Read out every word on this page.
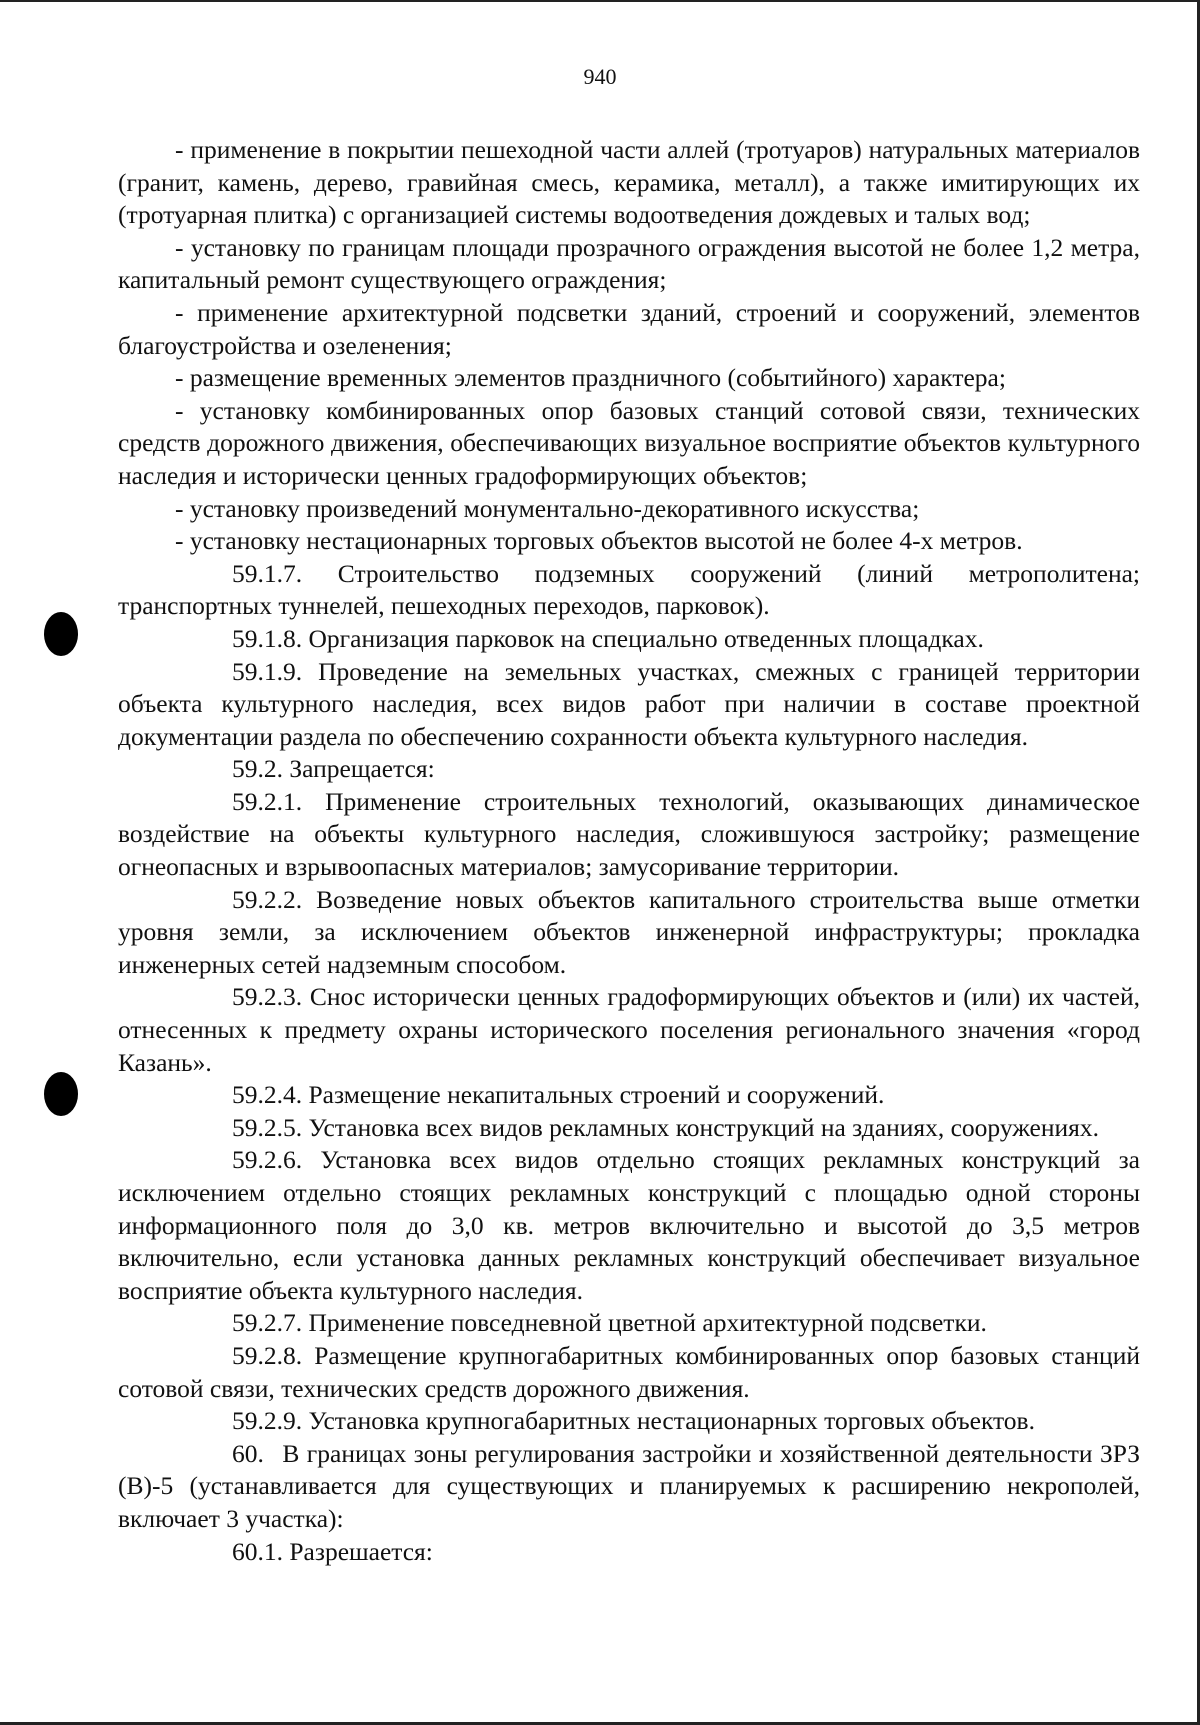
940

- применение в покрытии пешеходной части аллей (тротуаров) натуральных материалов (гранит, камень, дерево, гравийная смесь, керамика, металл), а также имитирующих их (тротуарная плитка) с организацией системы водоотведения дождевых и талых вод;

- установку по границам площади прозрачного ограждения высотой не более 1,2 метра, капитальный ремонт существующего ограждения;

- применение архитектурной подсветки зданий, строений и сооружений, элементов благоустройства и озеленения;

- размещение временных элементов праздничного (событийного) характера;

- установку комбинированных опор базовых станций сотовой связи, технических средств дорожного движения, обеспечивающих визуальное восприятие объектов культурного наследия и исторически ценных градоформирующих объектов;

- установку произведений монументально-декоративного искусства;

- установку нестационарных торговых объектов высотой не более 4-х метров.

59.1.7. Строительство подземных сооружений (линий метрополитена; транспортных туннелей, пешеходных переходов, парковок).

59.1.8. Организация парковок на специально отведенных площадках.

59.1.9. Проведение на земельных участках, смежных с границей территории объекта культурного наследия, всех видов работ при наличии в составе проектной документации раздела по обеспечению сохранности объекта культурного наследия.

59.2. Запрещается:

59.2.1. Применение строительных технологий, оказывающих динамическое воздействие на объекты культурного наследия, сложившуюся застройку; размещение огнеопасных и взрывоопасных материалов; замусоривание территории.

59.2.2. Возведение новых объектов капитального строительства выше отметки уровня земли, за исключением объектов инженерной инфраструктуры; прокладка инженерных сетей надземным способом.

59.2.3. Снос исторически ценных градоформирующих объектов и (или) их частей, отнесенных к предмету охраны исторического поселения регионального значения «город Казань».

59.2.4. Размещение некапитальных строений и сооружений.

59.2.5. Установка всех видов рекламных конструкций на зданиях, сооружениях.

59.2.6. Установка всех видов отдельно стоящих рекламных конструкций за исключением отдельно стоящих рекламных конструкций с площадью одной стороны информационного поля до 3,0 кв. метров включительно и высотой до 3,5 метров включительно, если установка данных рекламных конструкций обеспечивает визуальное восприятие объекта культурного наследия.

59.2.7. Применение повседневной цветной архитектурной подсветки.

59.2.8. Размещение крупногабаритных комбинированных опор базовых станций сотовой связи, технических средств дорожного движения.

59.2.9. Установка крупногабаритных нестационарных торговых объектов.

60. В границах зоны регулирования застройки и хозяйственной деятельности ЗРЗ (В)-5 (устанавливается для существующих и планируемых к расширению некрополей, включает 3 участка):

60.1. Разрешается:
